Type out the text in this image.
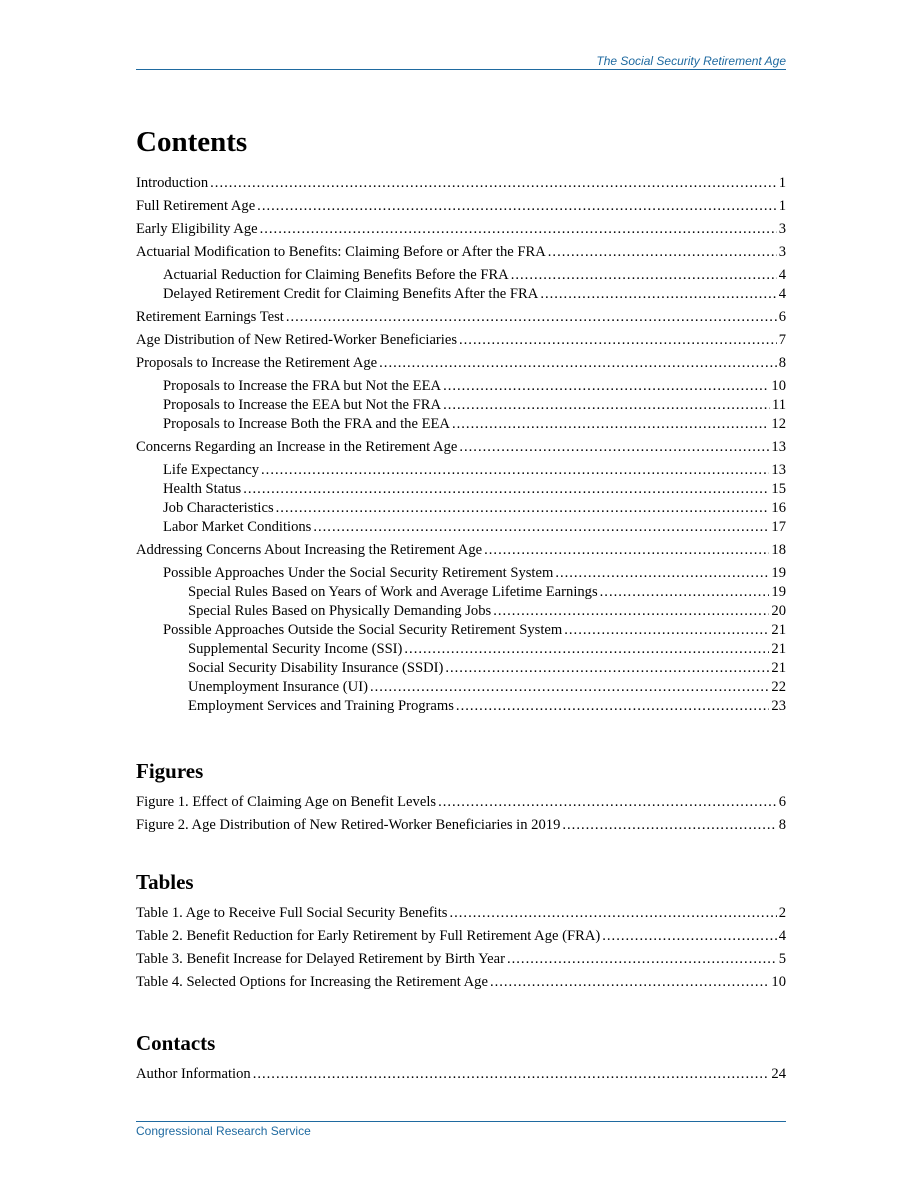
The Social Security Retirement Age
Contents
Introduction .....	1
Full Retirement Age .....	1
Early Eligibility Age .....	3
Actuarial Modification to Benefits: Claiming Before or After the FRA .....	3
Actuarial Reduction for Claiming Benefits Before the FRA .....	4
Delayed Retirement Credit for Claiming Benefits After the FRA .....	4
Retirement Earnings Test .....	6
Age Distribution of New Retired-Worker Beneficiaries .....	7
Proposals to Increase the Retirement Age .....	8
Proposals to Increase the FRA but Not the EEA .....	10
Proposals to Increase the EEA but Not the FRA .....	11
Proposals to Increase Both the FRA and the EEA .....	12
Concerns Regarding an Increase in the Retirement Age .....	13
Life Expectancy .....	13
Health Status .....	15
Job Characteristics .....	16
Labor Market Conditions .....	17
Addressing Concerns About Increasing the Retirement Age .....	18
Possible Approaches Under the Social Security Retirement System .....	19
Special Rules Based on Years of Work and Average Lifetime Earnings .....	19
Special Rules Based on Physically Demanding Jobs .....	20
Possible Approaches Outside the Social Security Retirement System .....	21
Supplemental Security Income (SSI) .....	21
Social Security Disability Insurance (SSDI) .....	21
Unemployment Insurance (UI) .....	22
Employment Services and Training Programs .....	23
Figures
Figure 1. Effect of Claiming Age on Benefit Levels .....	6
Figure 2. Age Distribution of New Retired-Worker Beneficiaries in 2019 .....	8
Tables
Table 1. Age to Receive Full Social Security Benefits .....	2
Table 2. Benefit Reduction for Early Retirement by Full Retirement Age (FRA) .....	4
Table 3. Benefit Increase for Delayed Retirement by Birth Year .....	5
Table 4. Selected Options for Increasing the Retirement Age .....	10
Contacts
Author Information .....	24
Congressional Research Service
